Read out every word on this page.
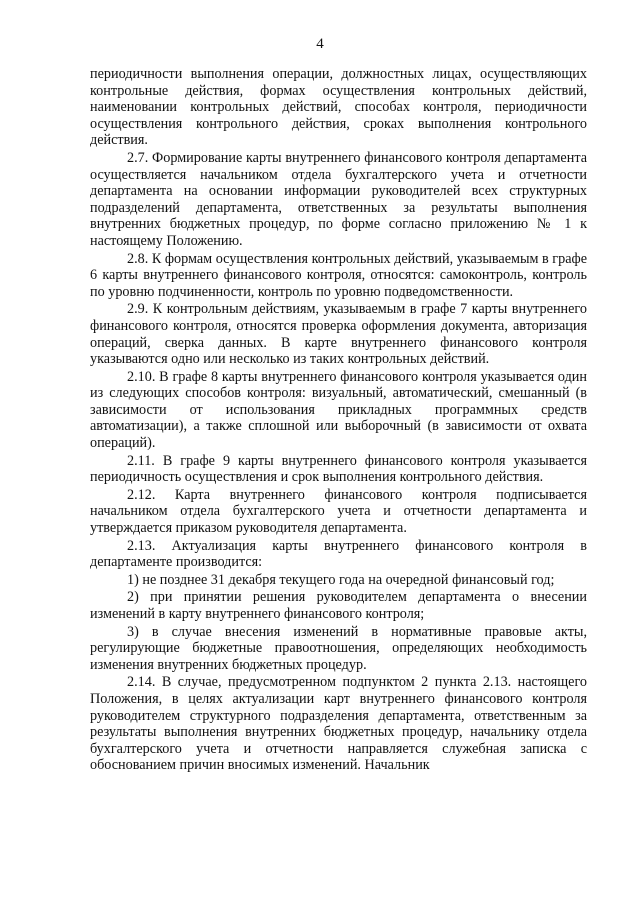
4

периодичности выполнения операции, должностных лицах, осуществляющих контрольные действия, формах осуществления контрольных действий, наименовании контрольных действий, способах контроля, периодичности осуществления контрольного действия, сроках выполнения контрольного действия.

2.7. Формирование карты внутреннего финансового контроля департамента осуществляется начальником отдела бухгалтерского учета и отчетности департамента на основании информации руководителей всех структурных подразделений департамента, ответственных за результаты выполнения внутренних бюджетных процедур, по форме согласно приложению № 1 к настоящему Положению.

2.8. К формам осуществления контрольных действий, указываемым в графе 6 карты внутреннего финансового контроля, относятся: самоконтроль, контроль по уровню подчиненности, контроль по уровню подведомственности.

2.9. К контрольным действиям, указываемым в графе 7 карты внутреннего финансового контроля, относятся проверка оформления документа, авторизация операций, сверка данных. В карте внутреннего финансового контроля указываются одно или несколько из таких контрольных действий.

2.10. В графе 8 карты внутреннего финансового контроля указывается один из следующих способов контроля: визуальный, автоматический, смешанный (в зависимости от использования прикладных программных средств автоматизации), а также сплошной или выборочный (в зависимости от охвата операций).

2.11. В графе 9 карты внутреннего финансового контроля указывается периодичность осуществления и срок выполнения контрольного действия.

2.12. Карта внутреннего финансового контроля подписывается начальником отдела бухгалтерского учета и отчетности департамента и утверждается приказом руководителя департамента.

2.13. Актуализация карты внутреннего финансового контроля в департаменте производится:

1) не позднее 31 декабря текущего года на очередной финансовый год;

2) при принятии решения руководителем департамента о внесении изменений в карту внутреннего финансового контроля;

3) в случае внесения изменений в нормативные правовые акты, регулирующие бюджетные правоотношения, определяющих необходимость изменения внутренних бюджетных процедур.

2.14. В случае, предусмотренном подпунктом 2 пункта 2.13. настоящего Положения, в целях актуализации карт внутреннего финансового контроля руководителем структурного подразделения департамента, ответственным за результаты выполнения внутренних бюджетных процедур, начальнику отдела бухгалтерского учета и отчетности направляется служебная записка с обоснованием причин вносимых изменений. Начальник
